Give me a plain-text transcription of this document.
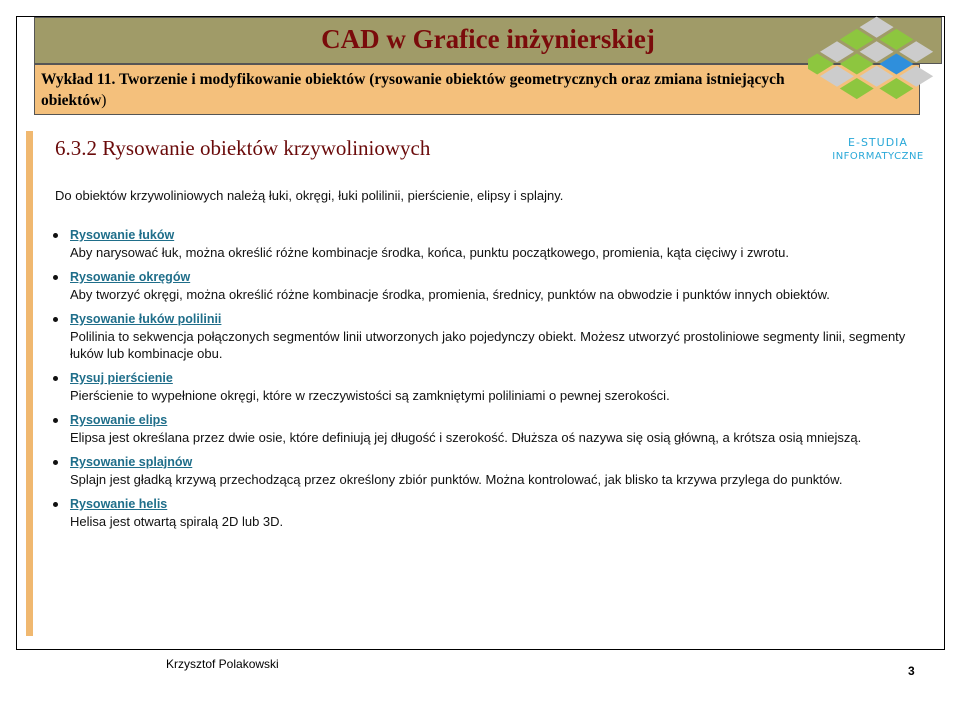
CAD w Grafice inżynierskiej
Wykład 11. Tworzenie i modyfikowanie obiektów (rysowanie obiektów geometrycznych oraz zmiana istniejących obiektów)
E-STUDIA
INFORMATYCZNE
6.3.2 Rysowanie obiektów krzywoliniowych
Do obiektów krzywoliniowych należą łuki, okręgi, łuki polilinii, pierścienie, elipsy i splajny.
Rysowanie łuków
Aby narysować łuk, można określić różne kombinacje środka, końca, punktu początkowego, promienia, kąta cięciwy i zwrotu.
Rysowanie okręgów
Aby tworzyć okręgi, można określić różne kombinacje środka, promienia, średnicy, punktów na obwodzie i punktów innych obiektów.
Rysowanie łuków polilinii
Polilinia to sekwencja połączonych segmentów linii utworzonych jako pojedynczy obiekt. Możesz utworzyć prostoliniowe segmenty linii, segmenty łuków lub kombinacje obu.
Rysuj pierścienie
Pierścienie to wypełnione okręgi, które w rzeczywistości są zamkniętymi poliliniami o pewnej szerokości.
Rysowanie elips
Elipsa jest określana przez dwie osie, które definiują jej długość i szerokość. Dłuższa oś nazywa się osią główną, a krótsza osią mniejszą.
Rysowanie splajnów
Splajn jest gładką krzywą przechodzącą przez określony zbiór punktów. Można kontrolować, jak blisko ta krzywa przylega do punktów.
Rysowanie helis
Helisa jest otwartą spiralą 2D lub 3D.
Krzysztof Polakowski	3
